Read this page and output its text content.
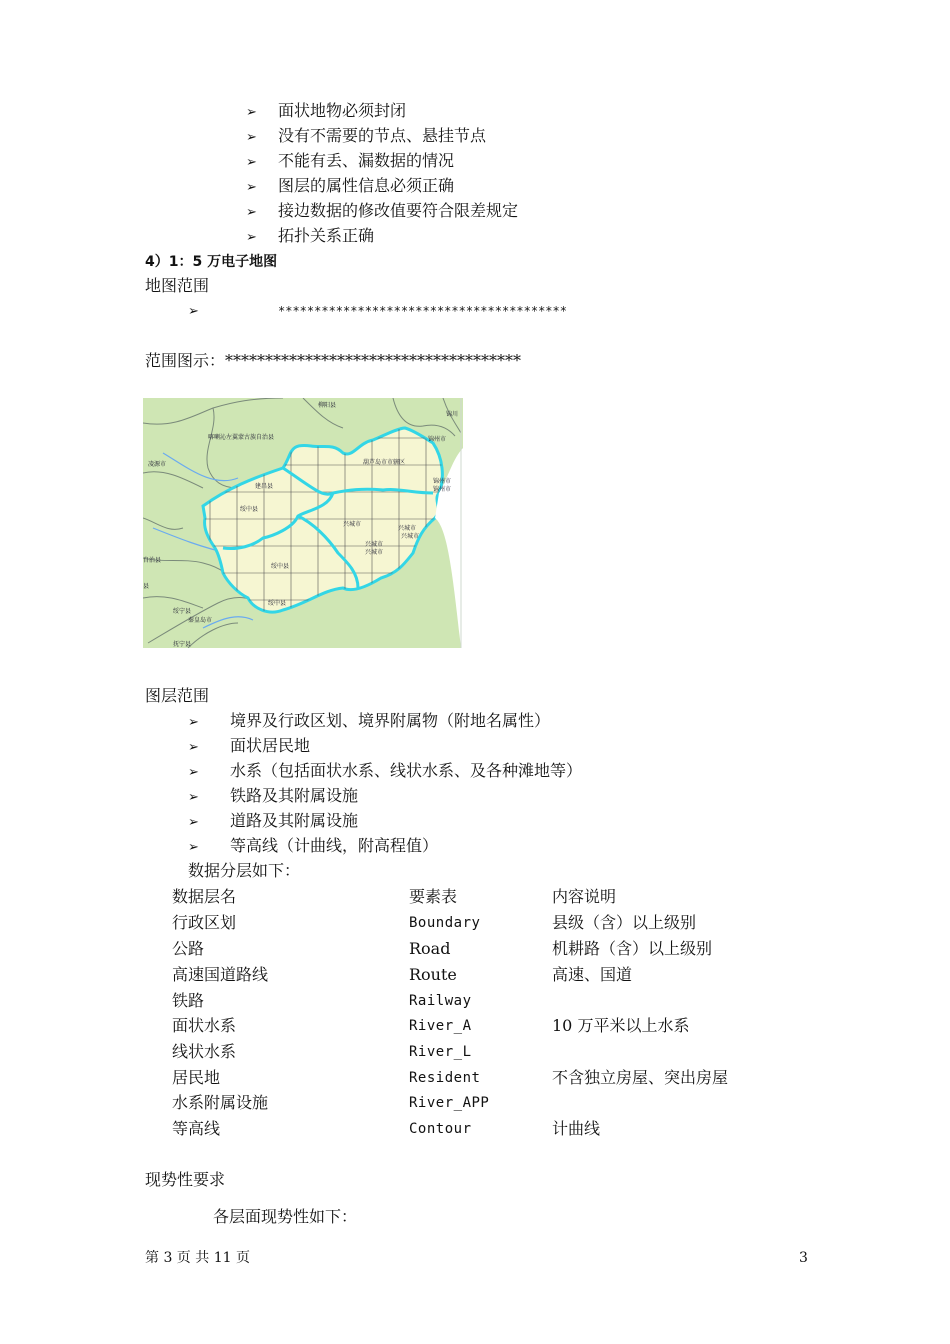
➢ 面状地物必须封闭
➢ 没有不需要的节点、悬挂节点
➢ 不能有丢、漏数据的情况
➢ 图层的属性信息必须正确
➢ 接边数据的修改值要符合限差规定
➢ 拓扑关系正确
4）1：5 万电子地图
地图范围
➢	****************************************
范围图示：*************************************
柳阳县
锦川
锦州市
喀喇沁左翼蒙古族自治县
凌源市	葫芦岛市市辖区
建昌县
绥中县
兴城市
兴城市
兴城市
兴城市
兴城市
绥中县
绥中县
锦州市
锦州市
自治县
县
绥宁县
秦皇岛市
抚宁县
图层范围
➢ 境界及行政区划、境界附属物（附地名属性）
➢ 面状居民地
➢ 水系（包括面状水系、线状水系、及各种滩地等）
➢ 铁路及其附属设施
➢ 道路及其附属设施
➢ 等高线（计曲线，附高程值）
数据分层如下：
数据层名	要素表	内容说明
行政区划	Boundary	县级（含）以上级别
公路	Road	机耕路（含）以上级别
高速国道路线	Route	高速、国道
铁路	Railway
面状水系	River_A	10 万平米以上水系
线状水系	River_L
居民地	Resident	不含独立房屋、突出房屋
水系附属设施	River_APP
等高线	Contour	计曲线
现势性要求
各层面现势性如下：
第 3 页 共 11 页	3
